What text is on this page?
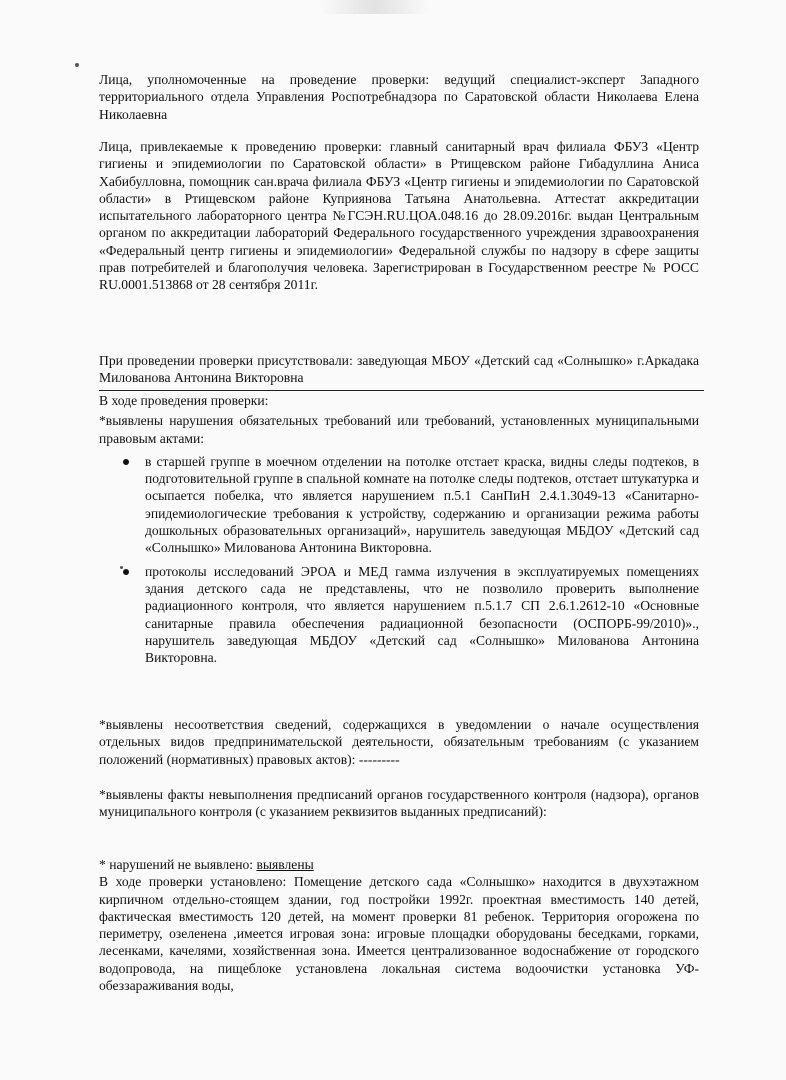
Лица, уполномоченные на проведение проверки: ведущий специалист-эксперт Западного территориального отдела Управления Роспотребнадзора по Саратовской области Николаева Елена Николаевна

Лица, привлекаемые к проведению проверки: главный санитарный врач филиала ФБУЗ «Центр гигиены и эпидемиологии по Саратовской области» в Ртищевском районе Гибадуллина Аниса Хабибулловна, помощник сан.врача филиала ФБУЗ «Центр гигиены и эпидемиологии по Саратовской области» в Ртищевском районе Куприянова Татьяна Анатольевна. Аттестат аккредитации испытательного лабораторного центра №ГСЭН.RU.ЦОА.048.16 до 28.09.2016г. выдан Центральным органом по аккредитации лабораторий Федерального государственного учреждения здравоохранения «Федеральный центр гигиены и эпидемиологии» Федеральной службы по надзору в сфере защиты прав потребителей и благополучия человека. Зарегистрирован в Государственном реестре № РОСС RU.0001.513868 от 28 сентября 2011г.

При проведении проверки присутствовали: заведующая МБОУ «Детский сад «Солнышко» г.Аркадака Милованова Антонина Викторовна

В ходе проведения проверки:

*выявлены нарушения обязательных требований или требований, установленных муниципальными правовым актами:

в старшей группе в моечном отделении на потолке отстает краска, видны следы подтеков, в подготовительной группе в спальной комнате на потолке следы подтеков, отстает штукатурка и осыпается побелка, что является нарушением п.5.1 СанПиН 2.4.1.3049-13 «Санитарно-эпидемиологические требования к устройству, содержанию и организации режима работы дошкольных образовательных организаций», нарушитель заведующая МБДОУ «Детский сад «Солнышко» Милованова Антонина Викторовна.
протоколы исследований ЭРОА и МЕД гамма излучения в эксплуатируемых помещениях здания детского сада не представлены, что не позволило проверить выполнение радиационного контроля, что является нарушением п.5.1.7 СП 2.6.1.2612-10 «Основные санитарные правила обеспечения радиационной безопасности (ОСПОРБ-99/2010)»., нарушитель заведующая МБДОУ «Детский сад «Солнышко» Милованова Антонина Викторовна.

*выявлены несоответствия сведений, содержащихся в уведомлении о начале осуществления отдельных видов предпринимательской деятельности, обязательным требованиям (с указанием положений (нормативных) правовых актов): ---------

*выявлены факты невыполнения предписаний органов государственного контроля (надзора), органов муниципального контроля (с указанием реквизитов выданных предписаний):

* нарушений не выявлено: выявлены

В ходе проверки установлено: Помещение детского сада «Солнышко» находится в двухэтажном кирпичном отдельно-стоящем здании, год постройки 1992г. проектная вместимость 140 детей, фактическая вместимость 120 детей, на момент проверки 81 ребенок. Территория огорожена по периметру, озеленена ,имеется игровая зона: игровые площадки оборудованы беседками, горками, лесенками, качелями, хозяйственная зона. Имеется централизованное водоснабжение от городского водопровода, на пищеблоке установлена локальная система водоочистки установка УФ-обеззараживания воды,
